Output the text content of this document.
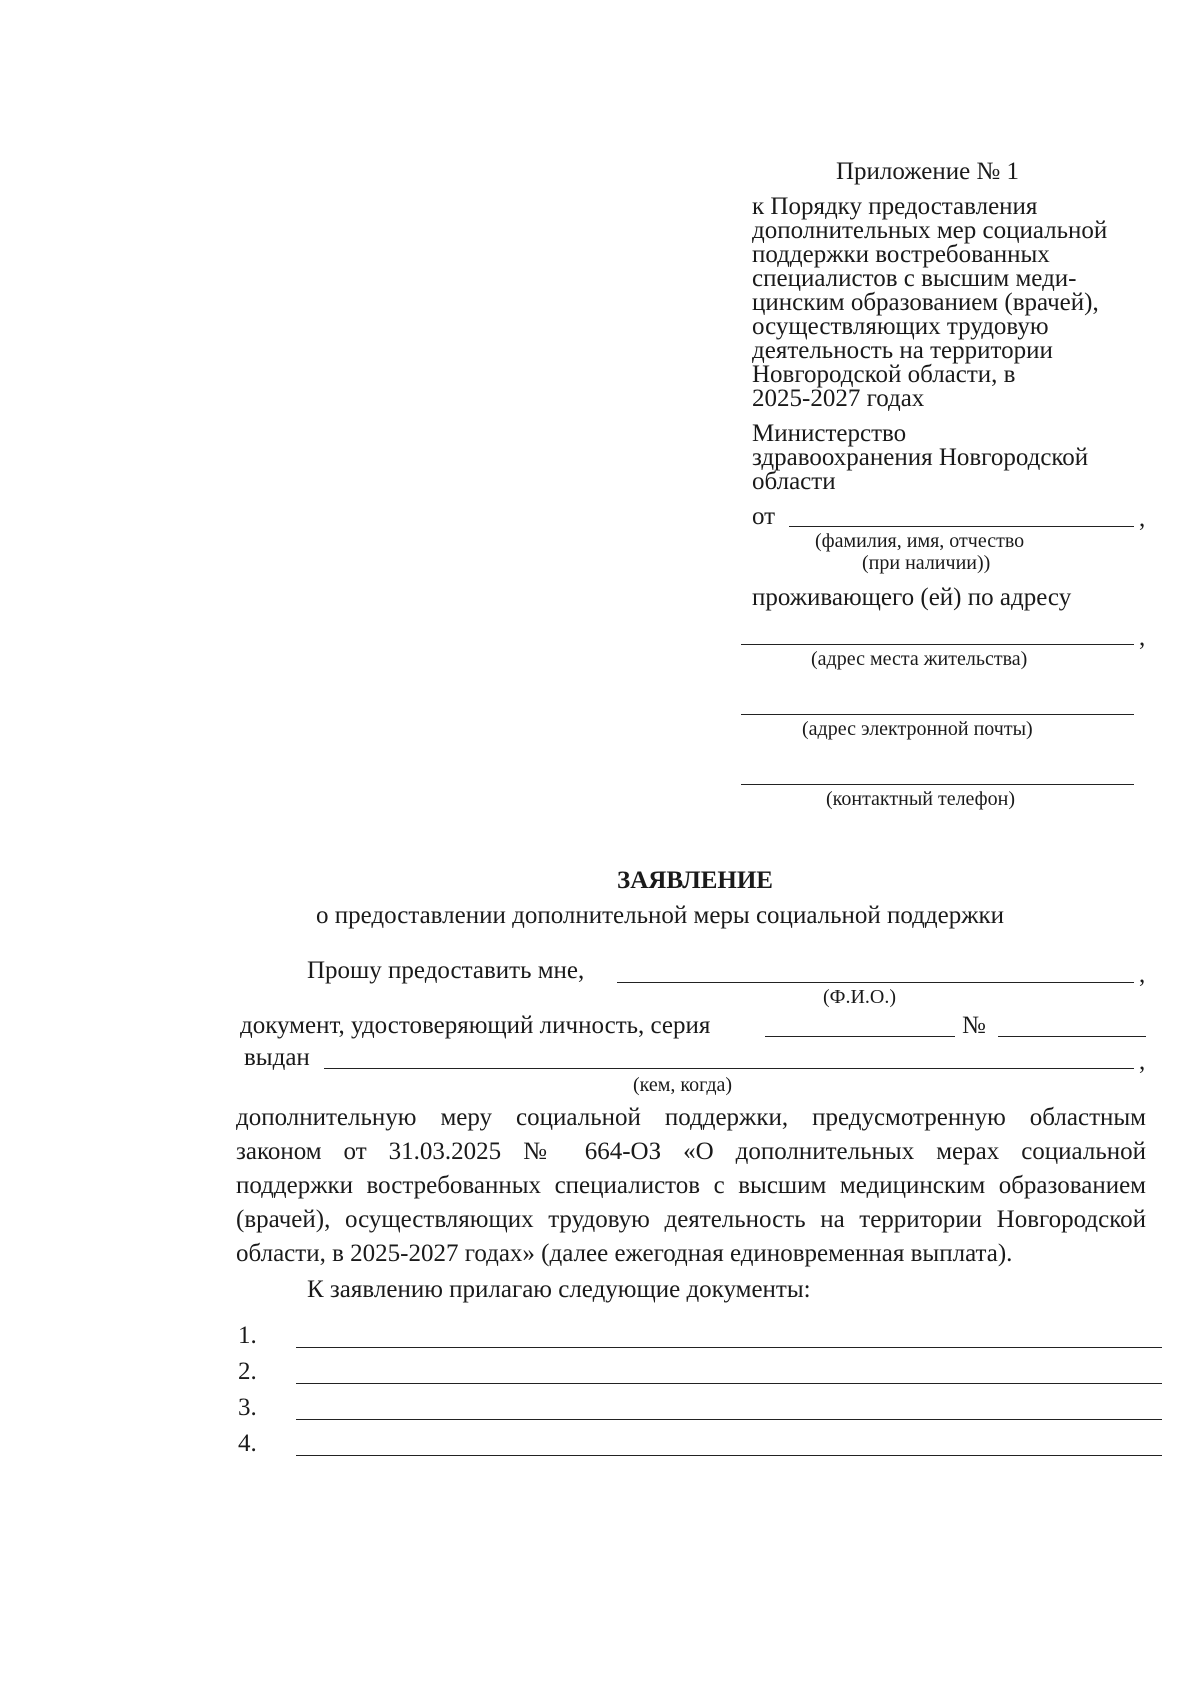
Приложение № 1
к Порядку предоставления
дополнительных мер социальной
поддержки востребованных
специалистов с высшим меди-
цинским образованием (врачей),
осуществляющих трудовую
деятельность на территории
Новгородской области, в
2025-2027 годах
Министерство
здравоохранения Новгородской
области
от	,
(фамилия, имя, отчество
(при наличии))
проживающего (ей) по адресу
,
(адрес места жительства)
(адрес электронной почты)
(контактный телефон)
ЗАЯВЛЕНИЕ
о предоставлении дополнительной меры социальной поддержки
Прошу предоставить мне,	,
(Ф.И.О.)
документ, удостоверяющий личность, серия	№
выдан	,
(кем, когда)
дополнительную меру социальной поддержки, предусмотренную областным
законом от 31.03.2025 № 664-ОЗ «О дополнительных мерах социальной
поддержки востребованных специалистов с высшим медицинским образованием
(врачей), осуществляющих трудовую деятельность на территории Новгородской
области, в 2025-2027 годах» (далее ежегодная единовременная выплата).
К заявлению прилагаю следующие документы:
1.
2.
3.
4.
